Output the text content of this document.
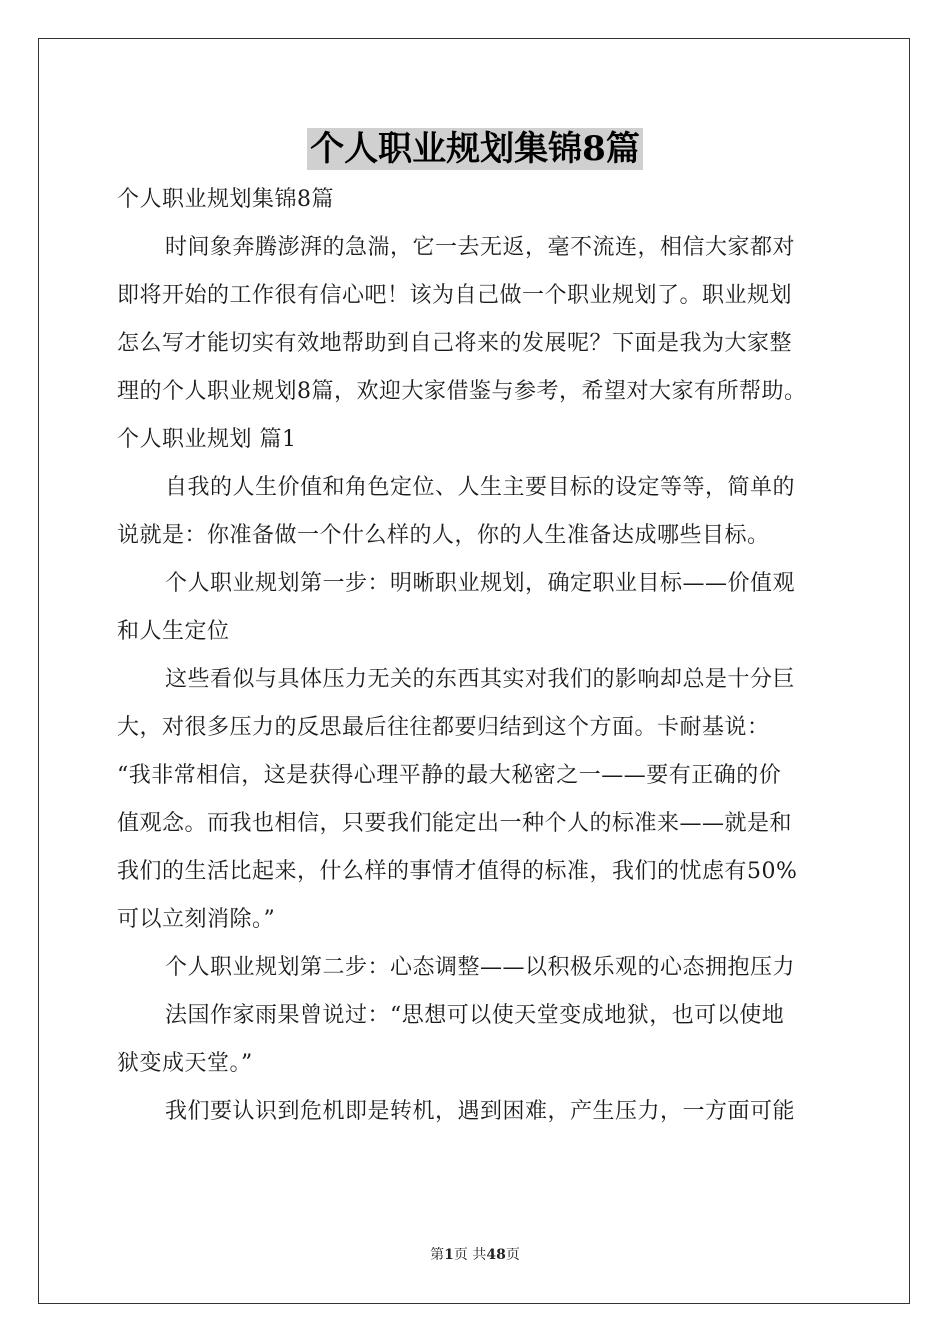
个人职业规划集锦8篇
个人职业规划集锦8篇
时间象奔腾澎湃的急湍，它一去无返，毫不流连，相信大家都对
即将开始的工作很有信心吧！该为自己做一个职业规划了。职业规划
怎么写才能切实有效地帮助到自己将来的发展呢？下面是我为大家整
理的个人职业规划8篇，欢迎大家借鉴与参考，希望对大家有所帮助。
个人职业规划 篇1
自我的人生价值和角色定位、人生主要目标的设定等等，简单的
说就是：你准备做一个什么样的人，你的人生准备达成哪些目标。
个人职业规划第一步：明晰职业规划，确定职业目标——价值观
和人生定位
这些看似与具体压力无关的东西其实对我们的影响却总是十分巨
大，对很多压力的反思最后往往都要归结到这个方面。卡耐基说：
“我非常相信，这是获得心理平静的最大秘密之一——要有正确的价
值观念。而我也相信，只要我们能定出一种个人的标准来——就是和
我们的生活比起来，什么样的事情才值得的标准，我们的忧虑有50%
可以立刻消除。”
个人职业规划第二步：心态调整——以积极乐观的心态拥抱压力
法国作家雨果曾说过：“思想可以使天堂变成地狱，也可以使地
狱变成天堂。”
我们要认识到危机即是转机，遇到困难，产生压力，一方面可能
第1页 共48页
